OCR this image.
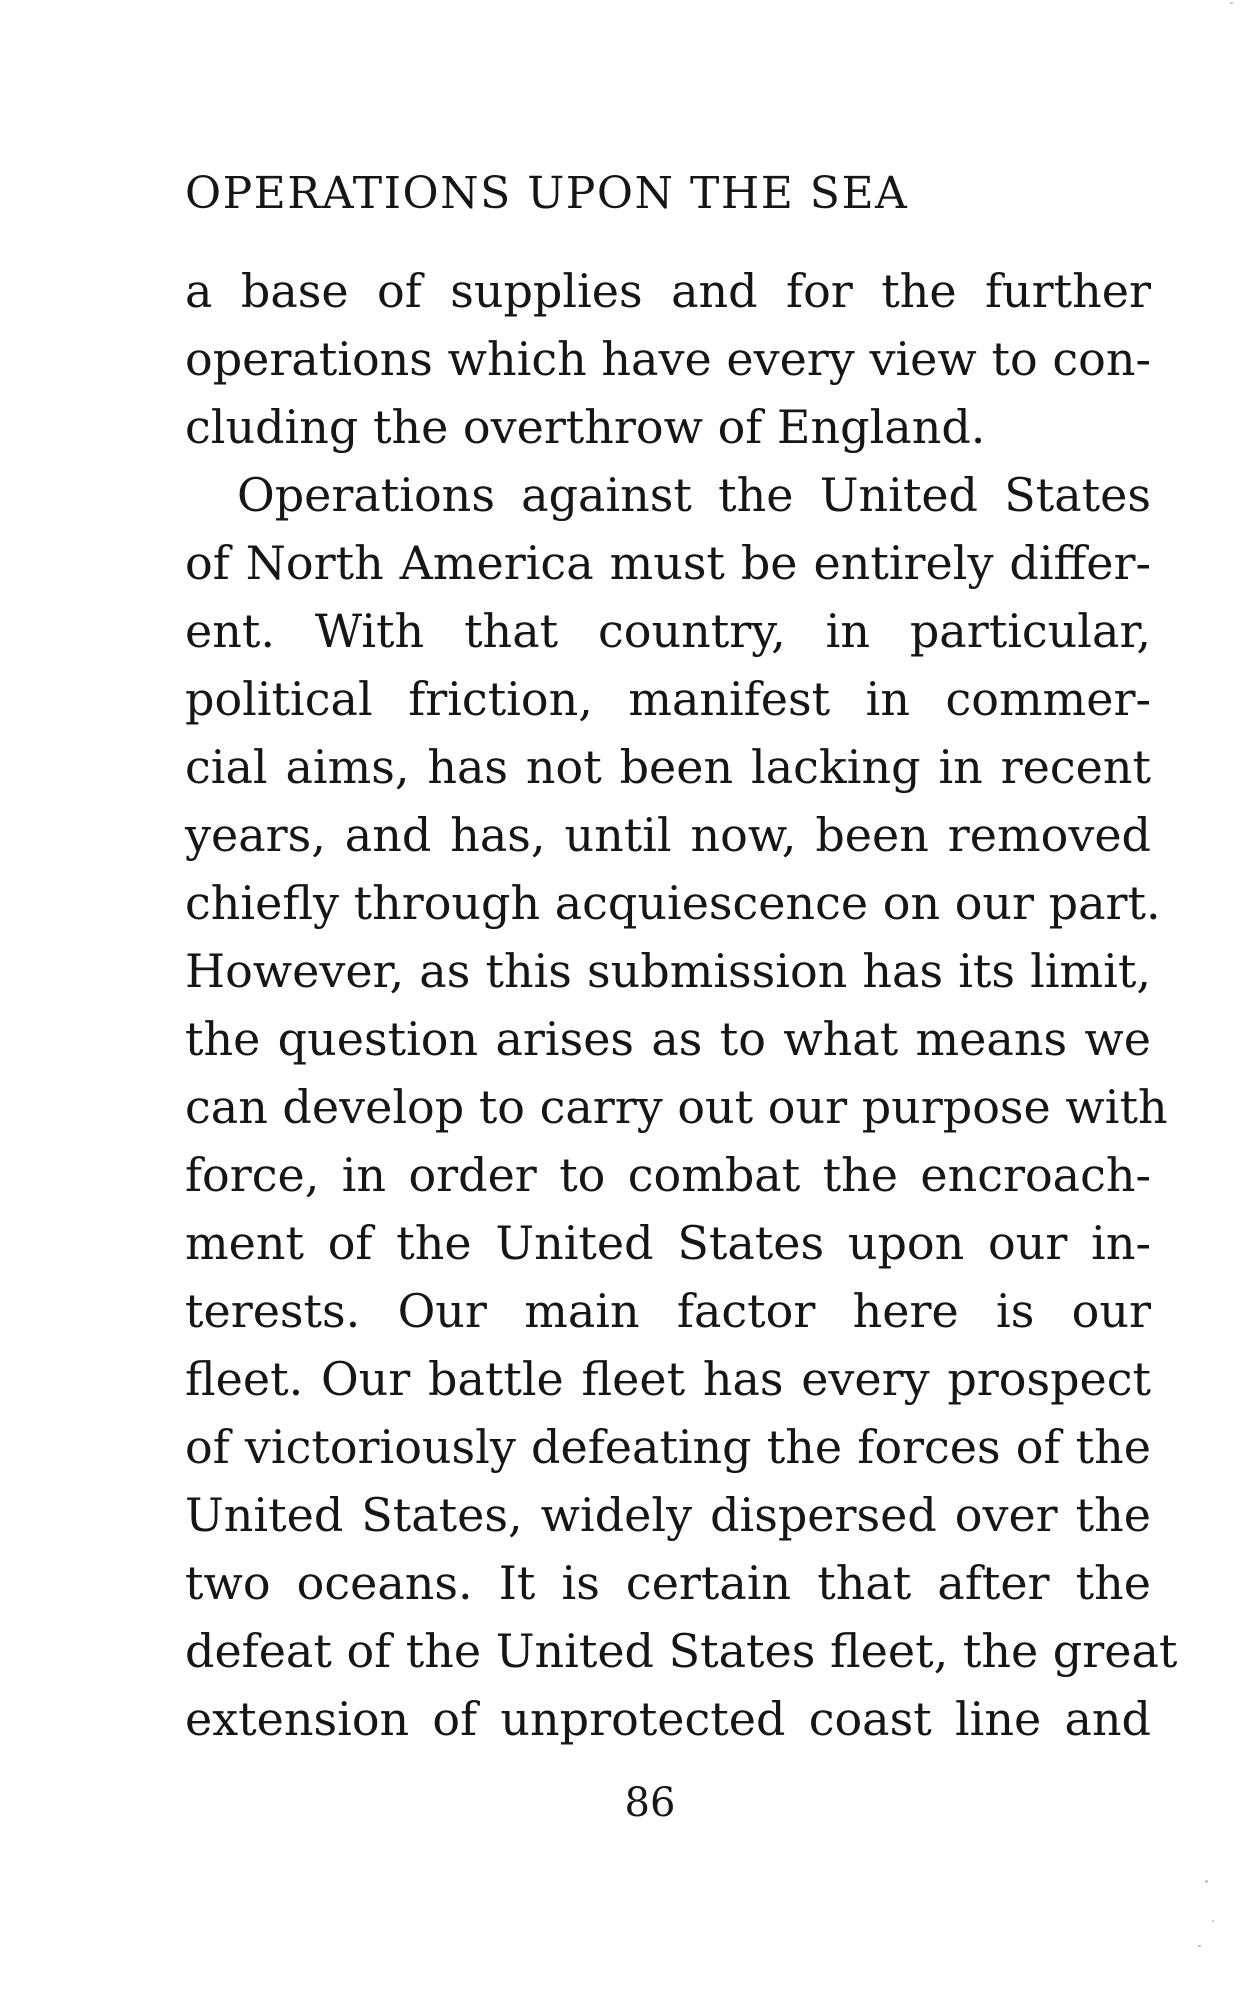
OPERATIONS UPON THE SEA
a base of supplies and for the further
operations which have every view to con-
cluding the overthrow of England.
Operations against the United States
of North America must be entirely differ-
ent. With that country, in particular,
political friction, manifest in commer-
cial aims, has not been lacking in recent
years, and has, until now, been removed
chiefly through acquiescence on our part.
However, as this submission has its limit,
the question arises as to what means we
can develop to carry out our purpose with
force, in order to combat the encroach-
ment of the United States upon our in-
terests. Our main factor here is our
fleet. Our battle fleet has every prospect
of victoriously defeating the forces of the
United States, widely dispersed over the
two oceans. It is certain that after the
defeat of the United States fleet, the great
extension of unprotected coast line and
86
